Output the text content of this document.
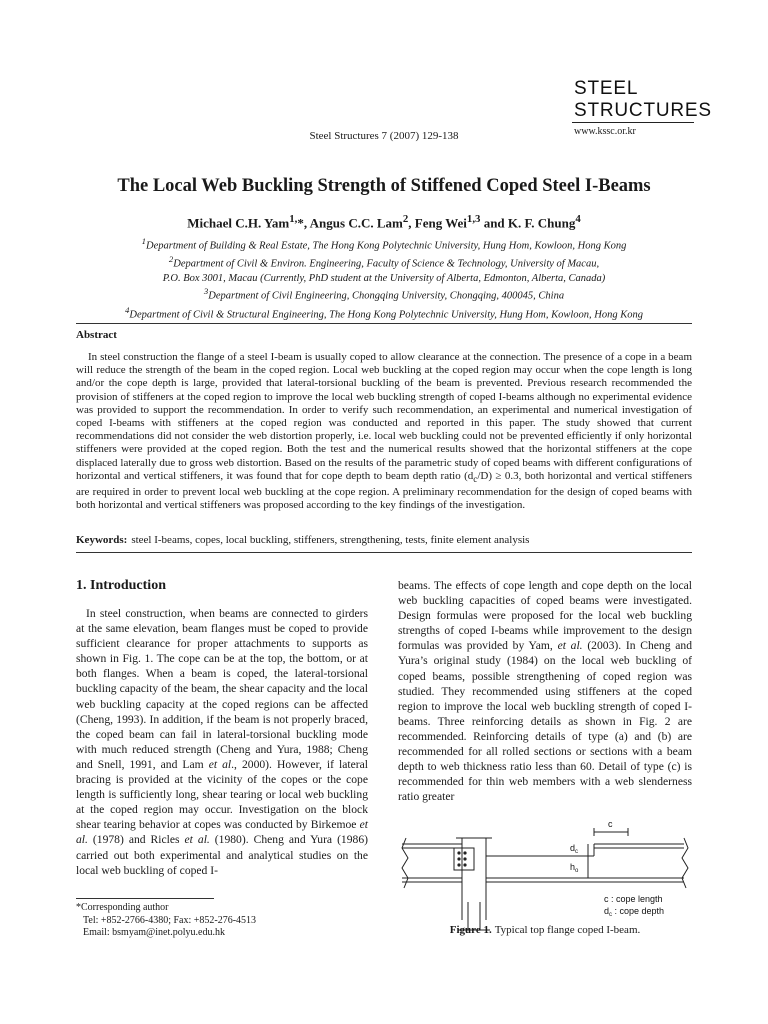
STEEL
STRUCTURES
www.kssc.or.kr
Steel Structures 7 (2007) 129-138
The Local Web Buckling Strength of Stiffened Coped Steel I-Beams
Michael C.H. Yam$^{1,}$*, Angus C.C. Lam$^2$, Feng Wei$^{1,3}$ and K. F. Chung$^4$
$^1$Department of Building & Real Estate, The Hong Kong Polytechnic University, Hung Hom, Kowloon, Hong Kong
$^2$Department of Civil & Environ. Engineering, Faculty of Science & Technology, University of Macau,
P.O. Box 3001, Macau (Currently, PhD student at the University of Alberta, Edmonton, Alberta, Canada)
$^3$Department of Civil Engineering, Chongqing University, Chongqing, 400045, China
$^4$Department of Civil & Structural Engineering, The Hong Kong Polytechnic University, Hung Hom, Kowloon, Hong Kong
Abstract
In steel construction the flange of a steel I-beam is usually coped to allow clearance at the connection. The presence of a cope in a beam will reduce the strength of the beam in the coped region. Local web buckling at the coped region may occur when the cope length is long and/or the cope depth is large, provided that lateral-torsional buckling of the beam is prevented. Previous research recommended the provision of stiffeners at the coped region to improve the local web buckling strength of coped I-beams although no experimental evidence was provided to support the recommendation. In order to verify such recommendation, an experimental and numerical investigation of coped I-beams with stiffeners at the coped region was conducted and reported in this paper. The study showed that current recommendations did not consider the web distortion properly, i.e. local web buckling could not be prevented efficiently if only horizontal stiffeners were provided at the coped region. Both the test and the numerical results showed that the horizontal stiffeners at the cope displaced laterally due to gross web distortion. Based on the results of the parametric study of coped beams with different configurations of horizontal and vertical stiffeners, it was found that for cope depth to beam depth ratio $(d_c/D) \ge 0.3$, both horizontal and vertical stiffeners are required in order to prevent local web buckling at the cope region. A preliminary recommendation for the design of coped beams with both horizontal and vertical stiffeners was proposed according to the key findings of the investigation.
Keywords: steel I-beams, copes, local buckling, stiffeners, strengthening, tests, finite element analysis
1. Introduction
In steel construction, when beams are connected to girders at the same elevation, beam flanges must be coped to provide sufficient clearance for proper attachments to supports as shown in Fig. 1. The cope can be at the top, the bottom, or at both flanges. When a beam is coped, the lateral-torsional buckling capacity of the beam, the shear capacity and the local web buckling capacity at the coped regions can be affected (Cheng, 1993). In addition, if the beam is not properly braced, the coped beam can fail in lateral-torsional buckling mode with much reduced strength (Cheng and Yura, 1988; Cheng and Snell, 1991, and Lam et al., 2000). However, if lateral bracing is provided at the vicinity of the copes or the cope length is sufficiently long, shear tearing or local web buckling at the coped region may occur. Investigation on the block shear tearing behavior at copes was conducted by Birkemoe et al. (1978) and Ricles et al. (1980). Cheng and Yura (1986) carried out both experimental and analytical studies on the local web buckling of coped I-
beams. The effects of cope length and cope depth on the local web buckling capacities of coped beams were investigated. Design formulas were proposed for the local web buckling strengths of coped I-beams while improvement to the design formulas was provided by Yam, et al. (2003). In Cheng and Yura’s original study (1984) on the local web buckling of coped beams, possible strengthening of coped region was studied. They recommended using stiffeners at the coped region to improve the local web buckling strength of coped I-beams. Three reinforcing details as shown in Fig. 2 are recommended. Reinforcing details of type (a) and (b) are recommended for all rolled sections or sections with a beam depth to web thickness ratio less than 60. Detail of type (c) is recommended for thin web members with a web slenderness ratio greater
*Corresponding author
Tel: +852-2766-4380; Fax: +852-276-4513
Email: bsmyam@inet.polyu.edu.hk
c
$d_c$
$h_o$
c : cope length
$d_c$ : cope depth
Figure 1. Typical top flange coped I-beam.
